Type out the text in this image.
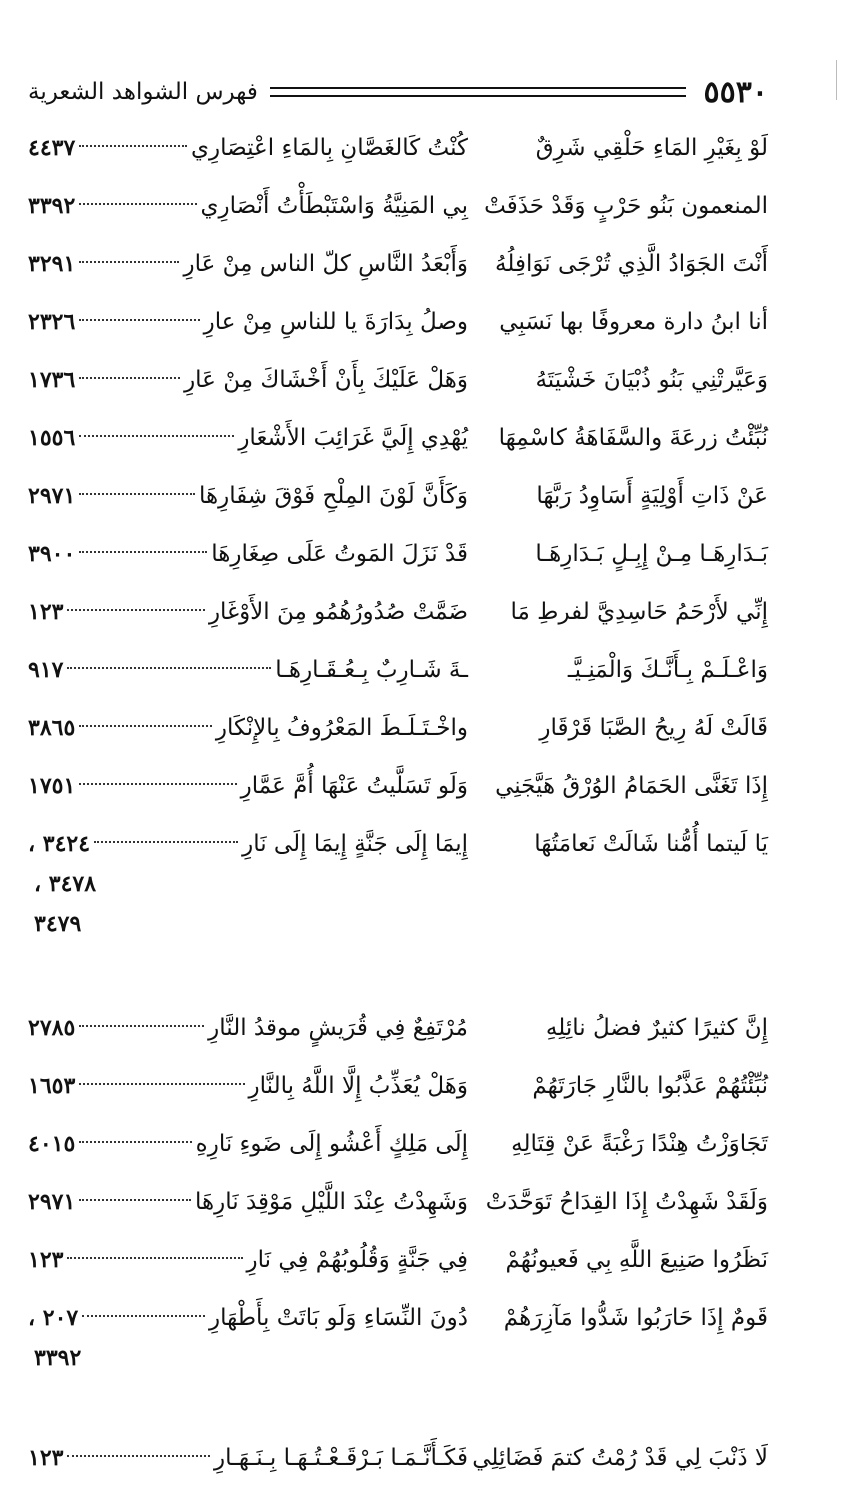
٥٥٣٠
فهرس الشواهد الشعرية
لَوْ بِغَيْرِ المَاءِ حَلْقِي شَرِقٌ
كُنْتُ كَالغَصَّانِ بِالمَاءِ اعْتِصَارِي
٤٤٣٧
المنعمون بَنُو حَرْبٍ وَقَدْ حَذَفَتْ
بِي المَنِيَّةُ وَاسْتَبْطَأْتُ أَنْصَارِي
٣٣٩٢
أَنْتَ الجَوَادُ الَّذِي تُرْجَى نَوَافِلُهُ
وَأَبْعَدُ النَّاسِ كلّ الناس مِنْ عَارِ
٣٢٩١
أنا ابنُ دارة معروفًا بها نَسَبِي
وصلُ بِدَارَةَ يا للناسِ مِنْ عارِ
٢٣٢٦
وَعَيَّرتْنِي بَنُو ذُبْيَانَ خَشْيَتَهُ
وَهَلْ عَلَيْكَ بِأَنْ أَخْشَاكَ مِنْ عَارِ
١٧٣٦
نُبِّئْتُ زرعَةَ والسَّفَاهَةُ كاسْمِهَا
يُهْدِي إِلَيَّ غَرَائِبَ الأَشْعَارِ
١٥٥٦
عَنْ ذَاتِ أَوْلِيَةٍ أَسَاوِدُ رَبَّهَا
وَكَأَنَّ لَوْنَ المِلْحِ فَوْقَ شِفَارِهَا
٢٩٧١
بَـدَارِهَـا مِـنْ إِبِـلٍ بَـدَارِهَـا
قَدْ نَزَلَ المَوتُ عَلَى صِغَارِهَا
٣٩٠٠
إِنِّي لأَرْحَمُ حَاسِدِيَّ لفرطِ مَا
ضَمَّتْ صُدُورُهُمُو مِنَ الأَوْغَارِ
١٢٣
وَاعْـلَـمْ بِـأَنَّـكَ وَالْمَنِـيَّـ
ـةَ شَـارِبٌ بِـعُـقَـارِهَـا
٩١٧
قَالَتْ لَهُ رِيحُ الصَّبَا قَرْقَارِ
واخْـتَـلَـطَ المَعْرُوفُ بِالإِنْكَارِ
٣٨٦٥
إِذَا تَغَنَّى الحَمَامُ الوُرْقُ هَيَّجَنِي
وَلَو تَسَلَّيتُ عَنْهَا أُمَّ عَمَّارِ
١٧٥١
يَا لَيتما أُمُّنا شَالَتْ نَعامَتُهَا
إِيمَا إِلَى جَنَّةٍ إِيمَا إِلَى نَارِ
٣٤٢٤ ،
٣٤٧٨ ،
٣٤٧٩
إِنَّ كثيرًا كثيرٌ فضلُ نائِلِهِ
مُرْتَفِعٌ فِي قُرَيشٍ موقدُ النَّارِ
٢٧٨٥
نُبِّئْتُهُمْ عَذَّبُوا بالنَّارِ جَارَتَهُمْ
وَهَلْ يُعَذِّبُ إِلَّا اللَّهُ بِالنَّارِ
١٦٥٣
تَجَاوَزْتُ هِنْدًا رَغْبَةً عَنْ قِتَالِهِ
إِلَى مَلِكٍ أَعْشُو إِلَى ضَوءِ نَارِهِ
٤٠١٥
وَلَقَدْ شَهِدْتُ إِذَا القِدَاحُ تَوَحَّدَتْ
وَشَهِدْتُ عِنْدَ اللَّيْلِ مَوْقِدَ نَارِهَا
٢٩٧١
نَظَرُوا صَنِيعَ اللَّهِ بِي فَعيونُهُمْ
فِي جَنَّةٍ وَقُلُوبُهُمْ فِي نَارِ
١٢٣
قَومٌ إِذَا حَارَبُوا شَدُّوا مَآزِرَهُمْ
دُونَ النِّسَاءِ وَلَو بَاتَتْ بِأَطْهَارِ
٢٠٧ ،
٣٣٩٢
لَا ذَنْبَ لِي قَدْ رُمْتُ كتمَ فَضَائِلِي
فَكَـأَنَّـمَـا بَـرْقَـعْـتُـهَـا بِـنَـهَـارِ
١٢٣
